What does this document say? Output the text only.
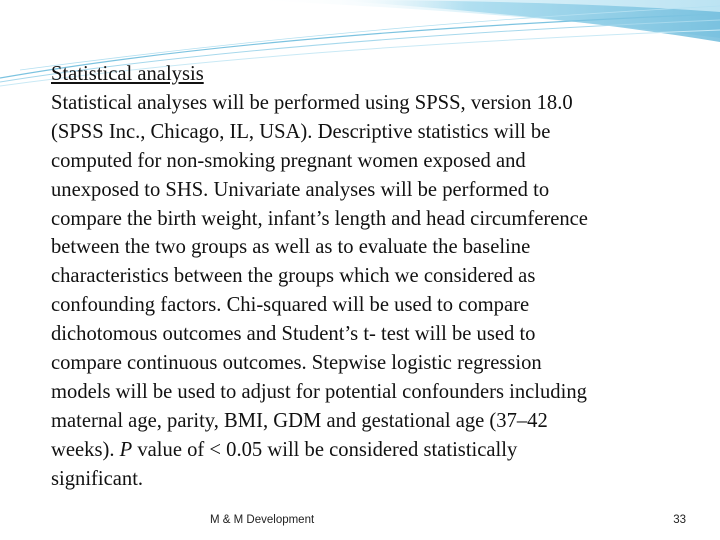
Statistical analysis
Statistical analyses will be performed using SPSS, version 18.0
(SPSS Inc., Chicago, IL, USA). Descriptive statistics will be
computed for non-smoking pregnant women exposed and
unexposed to SHS. Univariate analyses will be performed to
compare the birth weight, infant’s length and head circumference
between the two groups as well as to evaluate the baseline
characteristics between the groups which we considered as
confounding factors. Chi-squared will be used to compare
dichotomous outcomes and Student’s t- test will be used to
compare continuous outcomes. Stepwise logistic regression
models will be used to adjust for potential confounders including
maternal age, parity, BMI, GDM and gestational age (37–42
weeks). P value of < 0.05 will be considered statistically
significant.
M & M Development	33
